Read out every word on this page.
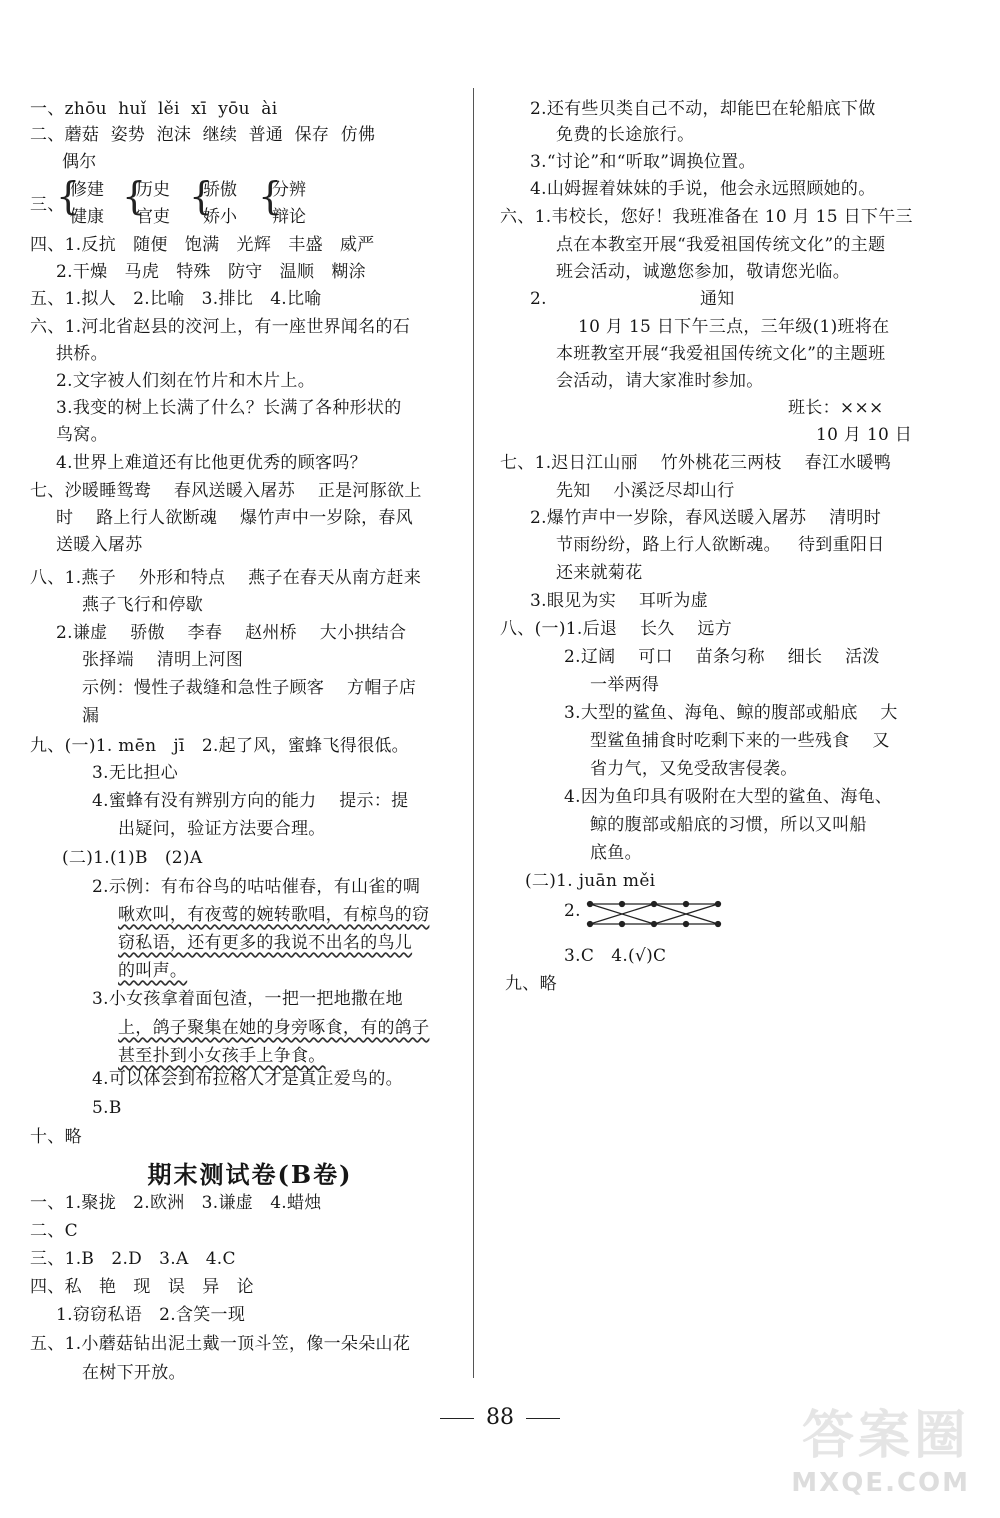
一、zhōu  huǐ  lěi  xī  yōu  ài
二、蘑菇  姿势  泡沫  继续  普通  保存  仿佛
偶尔
三、
{
修建
健康 {
历史
官吏 {
骄傲
娇小 {
分辨
辩论
四、1.反抗   随便   饱满   光辉   丰盛   威严
2.干燥   马虎   特殊   防守   温顺   糊涂
五、1.拟人   2.比喻   3.排比   4.比喻
六、1.河北省赵县的洨河上，有一座世界闻名的石
拱桥。
2.文字被人们刻在竹片和木片上。
3.我变的树上长满了什么？长满了各种形状的
鸟窝。
4.世界上难道还有比他更优秀的顾客吗？
七、沙暖睡鸳鸯    春风送暖入屠苏    正是河豚欲上
时    路上行人欲断魂    爆竹声中一岁除，春风
送暖入屠苏
八、1.燕子    外形和特点    燕子在春天从南方赶来
燕子飞行和停歇
2.谦虚    骄傲    李春    赵州桥    大小拱结合
张择端    清明上河图
示例：慢性子裁缝和急性子顾客    方帽子店
漏
九、(一)1. mēn   jī   2.起了风，蜜蜂飞得很低。
3.无比担心
4.蜜蜂有没有辨别方向的能力    提示：提
出疑问，验证方法要合理。
(二)1.(1)B   (2)A
2.示例：有布谷鸟的咕咕催春，有山雀的啁
啾欢叫，有夜莺的婉转歌唱，有椋鸟的窃
窃私语，还有更多的我说不出名的鸟儿
的叫声。
3.小女孩拿着面包渣，一把一把地撒在地
上，鸽子聚集在她的身旁啄食，有的鸽子
甚至扑到小女孩手上争食。
4.可以体会到布拉格人才是真正爱鸟的。
5.B
十、略
期末测试卷(B卷)
一、1.聚拢   2.欧洲   3.谦虚   4.蜡烛
二、C
三、1.B   2.D   3.A   4.C
四、私   艳   现   误   异   论
1.窃窃私语   2.含笑一现
五、1.小蘑菇钻出泥土戴一顶斗笠，像一朵朵山花
在树下开放。
2.还有些贝类自己不动，却能巴在轮船底下做
免费的长途旅行。
3.“讨论”和“听取”调换位置。
4.山姆握着妹妹的手说，他会永远照顾她的。
六、1.韦校长，您好！我班准备在 10 月 15 日下午三
点在本教室开展“我爱祖国传统文化”的主题
班会活动，诚邀您参加，敬请您光临。
2.	通知
10 月 15 日下午三点，三年级(1)班将在
本班教室开展“我爱祖国传统文化”的主题班
会活动，请大家准时参加。
班长：×××
10 月 10 日
七、1.迟日江山丽    竹外桃花三两枝    春江水暖鸭
先知    小溪泛尽却山行
2.爆竹声中一岁除，春风送暖入屠苏    清明时
节雨纷纷，路上行人欲断魂。   待到重阳日
还来就菊花
3.眼见为实    耳听为虚
八、(一)1.后退    长久    远方
2.辽阔    可口    苗条匀称    细长    活泼
一举两得
3.大型的鲨鱼、海龟、鲸的腹部或船底    大
型鲨鱼捕食时吃剩下来的一些残食    又
省力气，又免受敌害侵袭。
4.因为鱼印具有吸附在大型的鲨鱼、海龟、
鲸的腹部或船底的习惯，所以又叫船
底鱼。
(二)1. juān měi
2.
3.C   4.(√)C
九、略
88	答案圈
MXQE.COM
